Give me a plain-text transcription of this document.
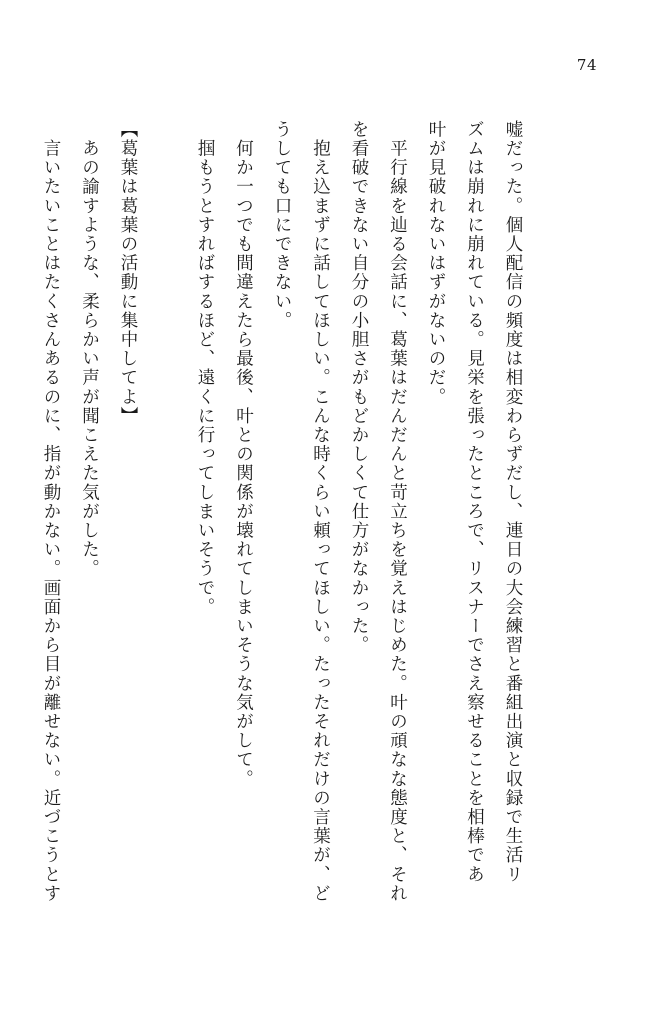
74
嘘だった。個人配信の頻度は相変わらずだし、連日の大会練習と番組出演と収録で生活リ
ズムは崩れに崩れている。見栄を張ったところで、リスナーでさえ察せることを相棒であ
叶が見破れないはずがないのだ。
　平行線を辿る会話に、葛葉はだんだんと苛立ちを覚えはじめた。叶の頑なな態度と、それ
を看破できない自分の小胆さがもどかしくて仕方がなかった。
　抱え込まずに話してほしい。こんな時くらい頼ってほしい。たったそれだけの言葉が、ど
うしても口にできない。
　何か一つでも間違えたら最後、叶との関係が壊れてしまいそうな気がして。
　掴もうとすればするほど、遠くに行ってしまいそうで。
【葛葉は葛葉の活動に集中してよ】
　あの諭すような、柔らかい声が聞こえた気がした。
　言いたいことはたくさんあるのに、指が動かない。画面から目が離せない。近づこうとす
